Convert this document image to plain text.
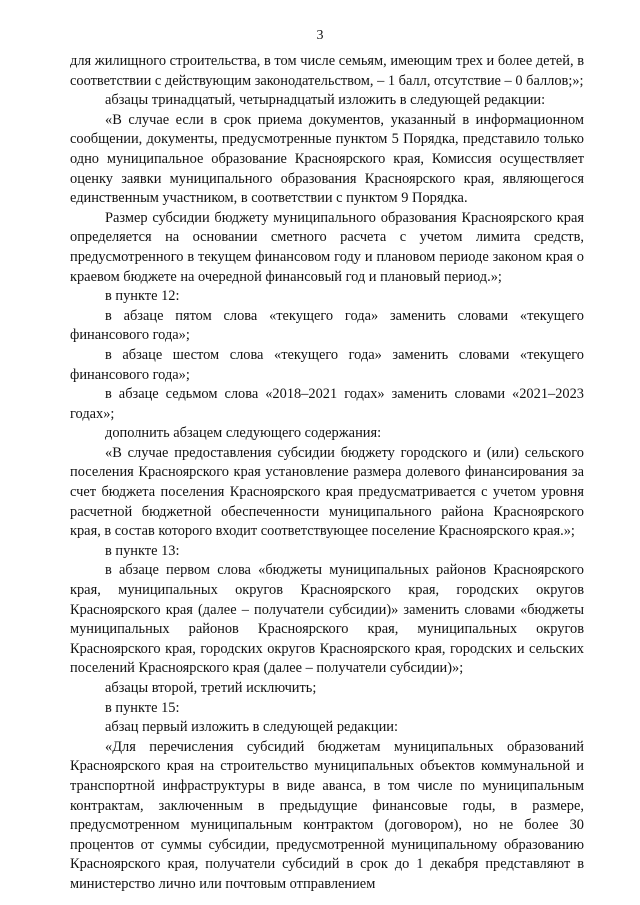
3

для жилищного строительства, в том числе семьям, имеющим трех и более детей, в соответствии с действующим законодательством, – 1 балл, отсутствие – 0 баллов;»;

абзацы тринадцатый, четырнадцатый изложить в следующей редакции:

«В случае если в срок приема документов, указанный в информационном сообщении, документы, предусмотренные пунктом 5 Порядка, представило только одно муниципальное образование Красноярского края, Комиссия осуществляет оценку заявки муниципального образования Красноярского края, являющегося единственным участником, в соответствии с пунктом 9 Порядка.

Размер субсидии бюджету муниципального образования Красноярского края определяется на основании сметного расчета с учетом лимита средств, предусмотренного в текущем финансовом году и плановом периоде законом края о краевом бюджете на очередной финансовый год и плановый период.»;

в пункте 12:

в абзаце пятом слова «текущего года» заменить словами «текущего финансового года»;

в абзаце шестом слова «текущего года» заменить словами «текущего финансового года»;

в абзаце седьмом слова «2018–2021 годах» заменить словами «2021–2023 годах»;

дополнить абзацем следующего содержания:

«В случае предоставления субсидии бюджету городского и (или) сельского поселения Красноярского края установление размера долевого финансирования за счет бюджета поселения Красноярского края предусматривается с учетом уровня расчетной бюджетной обеспеченности муниципального района Красноярского края, в состав которого входит соответствующее поселение Красноярского края.»;

в пункте 13:

в абзаце первом слова «бюджеты муниципальных районов Красноярского края, муниципальных округов Красноярского края, городских округов Красноярского края (далее – получатели субсидии)» заменить словами «бюджеты муниципальных районов Красноярского края, муниципальных округов Красноярского края, городских округов Красноярского края, городских и сельских поселений Красноярского края (далее – получатели субсидии)»;

абзацы второй, третий исключить;

в пункте 15:

абзац первый изложить в следующей редакции:

«Для перечисления субсидий бюджетам муниципальных образований Красноярского края на строительство муниципальных объектов коммунальной и транспортной инфраструктуры в виде аванса, в том числе по муниципальным контрактам, заключенным в предыдущие финансовые годы, в размере, предусмотренном муниципальным контрактом (договором), но не более 30 процентов от суммы субсидии, предусмотренной муниципальному образованию Красноярского края, получатели субсидий в срок до 1 декабря представляют в министерство лично или почтовым отправлением
